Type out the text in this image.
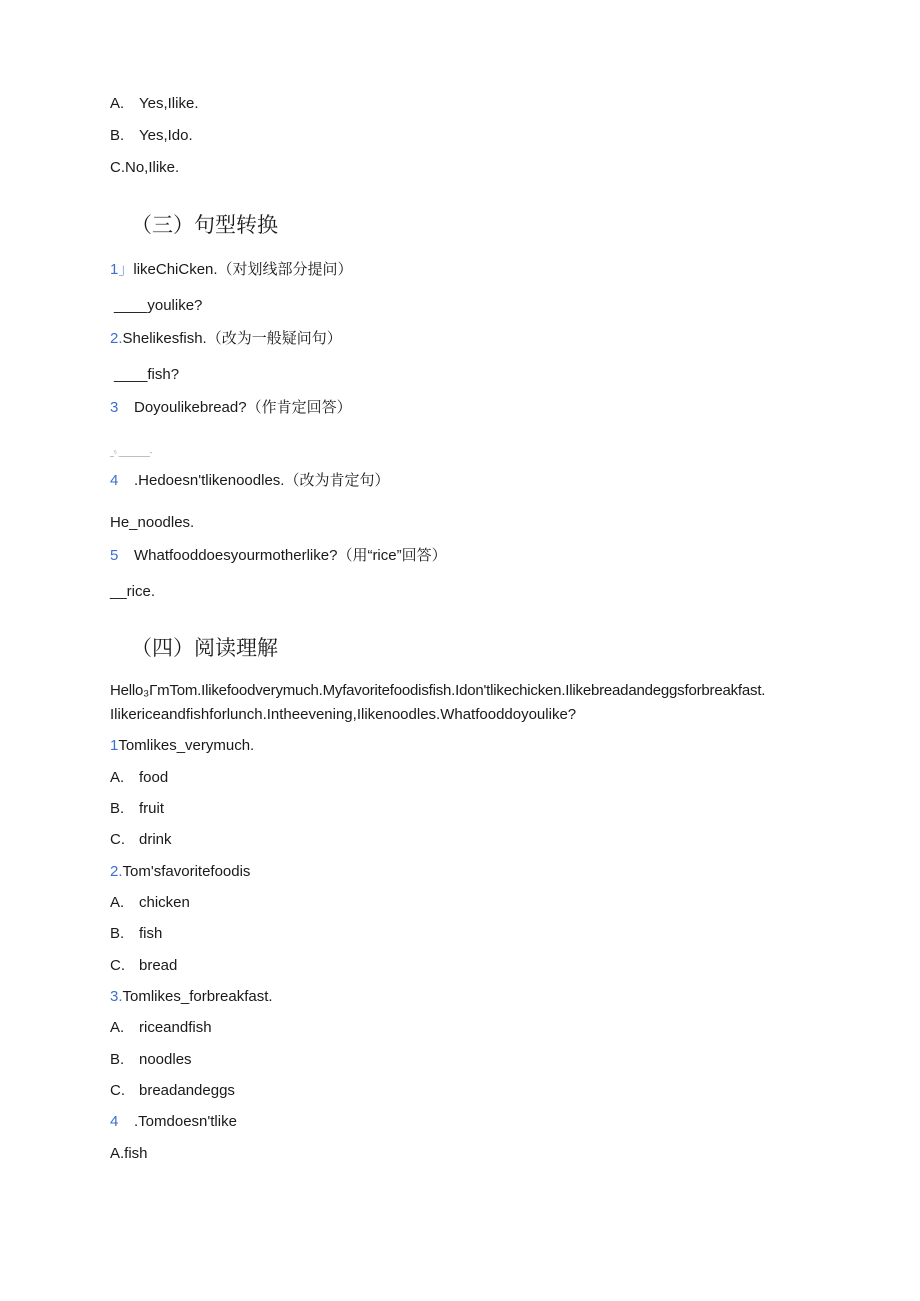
A. Yes,Ilike.
B. Yes,Ido.
C.No,Ilike.
（三）句型转换
1」likeChiCken.（对划线部分提问）
____youlike?
2.Shelikesfish.（改为一般疑问句）
____fish?
3 Doyoulikebread?（作肯定回答）
_⁵ ________-
4 .Hedoesn'tlikenoodles.（改为肯定句）
He_noodles.
5 Whatfooddoesyourmotherlike?（用“rice”回答）
__rice.
（四）阅读理解
Hello₃ΓmTom.Ilikefoodverymuch.Myfavoritefoodisfish.Idon'tlikechicken.Ilikebreadandeggsforbreakfast.
Ilikericeandfishforlunch.Intheevening,Ilikenoodles.Whatfooddoyoulike?
1Tomlikes_verymuch.
A. food
B. fruit
C. drink
2.Tom'sfavoritefoodis
A. chicken
B. fish
C. bread
3.Tomlikes_forbreakfast.
A. riceandfish
B. noodles
C. breadandeggs
4 .Tomdoesn'tlike
A.fish
